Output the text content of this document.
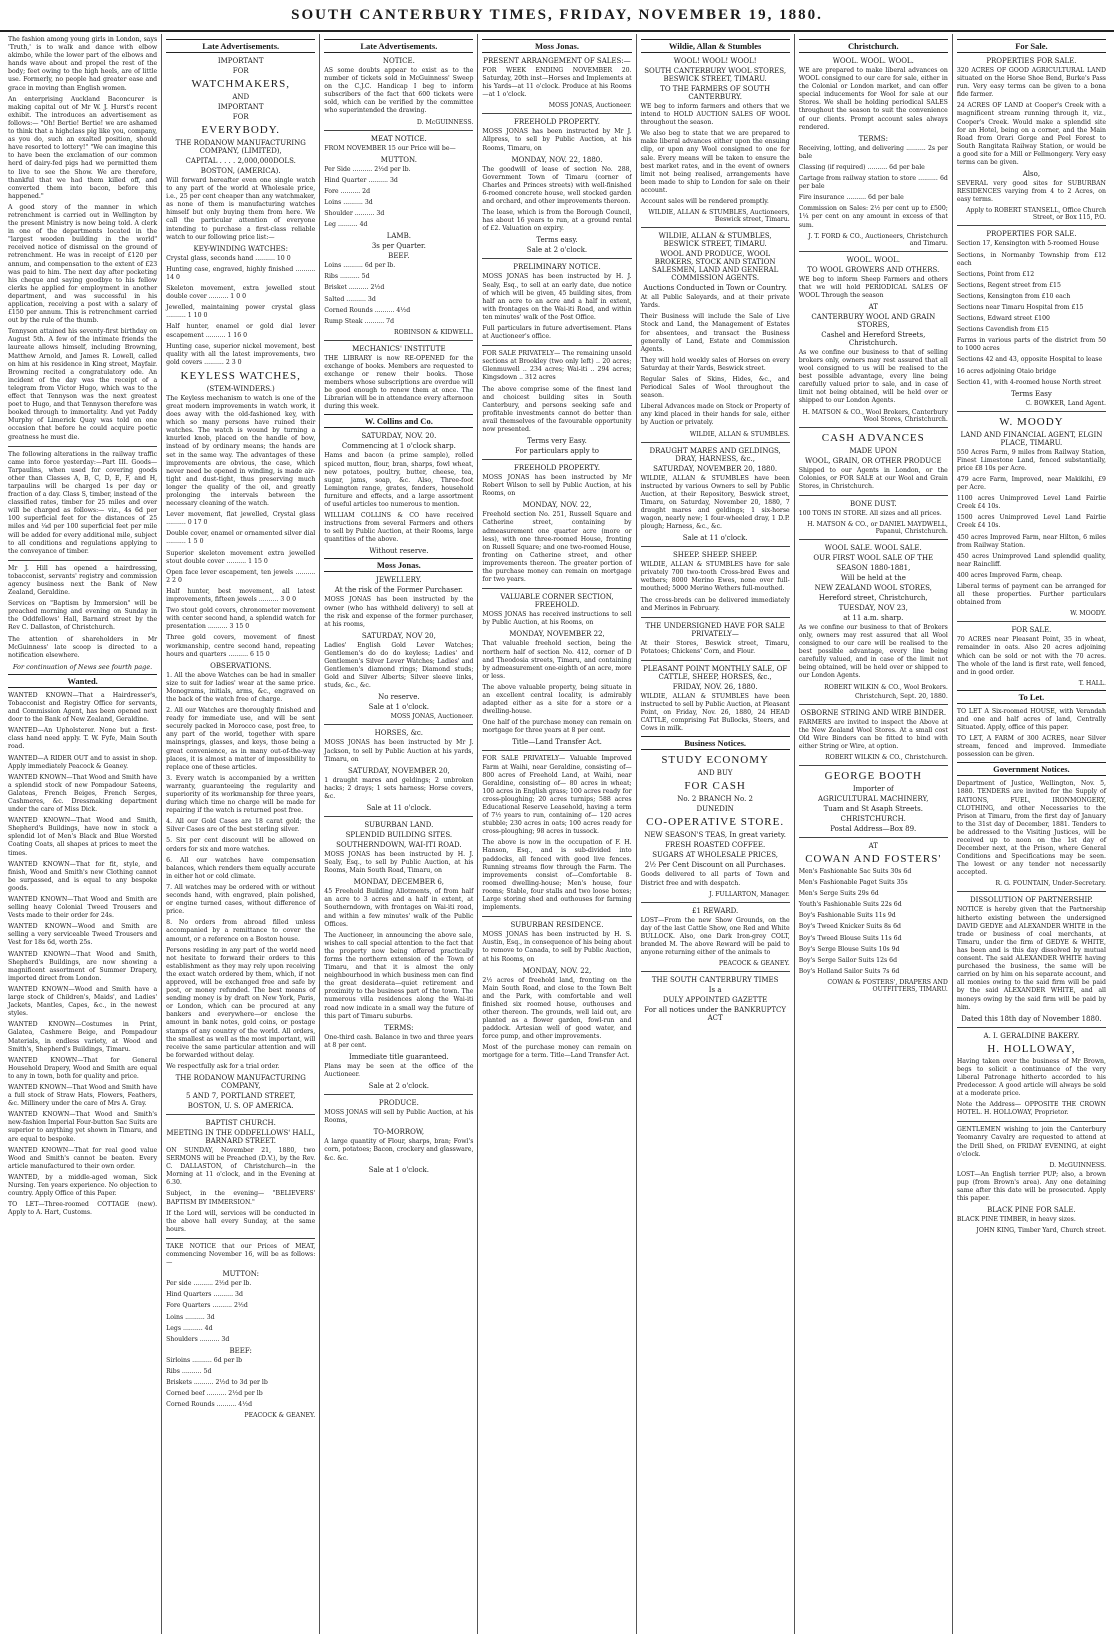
SOUTH CANTERBURY TIMES, FRIDAY, NOVEMBER 19, 1880.

The fashion among young girls in London, says 'Truth,' is to walk and dance with elbow akimbo, while the lower part of the elbows and hands wave about and propel the rest of the body; feet owing to the high heels, are of little use. Formerly, no people had greater ease and grace in moving than English women.

An enterprising Auckland Baconcurer is making capital out of Mr W. J. Hurst's recent exhibit. The introduces an advertisement as follows:— "Oh! Bertie! Bertie! we are ashamed to think that a highclass pig like you, company, as you do, such an exalted position, should have resorted to lottery!" "We can imagine this to have been the exclamation of our common herd of dairy-fed pigs had we permitted them to live to see the Show. We are therefore, thankful that we had them killed off, and converted them into bacon, before this happened."

A good story of the manner in which retrenchment is carried out in Wellington by the present Ministry is now being told. A clerk in one of the departments located in the "largest wooden building in the world" received notice of dismissal on the ground of retrenchment. He was in receipt of £120 per annum, and compensation to the extent of £23 was paid to him. The next day after pocketing his cheque and saying goodbye to his fellow clerks he applied for employment in another department, and was successful in his application, receiving a post with a salary of £150 per annum. This is retrenchment carried out by the rule of the thumb.

Tennyson attained his seventy-first birthday on August 5th. A few of the intimate friends the laureate allows himself, including Browning, Matthew Arnold, and James R. Lowell, called on him at his residence in King street, Mayfair. Browning recited a congratulatory ode. An incident of the day was the receipt of a telegram from Victor Hugo, which was to the effect that Tennyson was the next greatest poet to Hugo, and that Tennyson therefore was booked through to immortality. And yet Paddy Murphy of Limerick Quay was told on one occasion that before he could acquire poetic greatness he must die.

The following alterations in the railway traffic came into force yesterday:—Part III. Goods—Tarpaulins, when used for covering goods other than Classes A, B, C, D, E, F, and H, tarpaulins will be charged 1s per day or fraction of a day. Class S, timber, instead of the classified rates, timber for 25 miles and over will be charged as follows:— viz., 4s 6d per 100 superficial feet for the distances of 25 miles and ¼d per 100 superficial feet per mile will be added for every additional mile, subject to all conditions and regulations applying to the conveyance of timber.

Mr J. Hill has opened a hairdressing, tobacconist, servants' registry and commission agency business next the Bank of New Zealand, Geraldine.

Services on "Baptism by Immersion" will be preached morning and evening on Sunday in the Oddfellows' Hall, Barnard street by the Rev C. Dallaston, of Christchurch.

The attention of shareholders in Mr McGuinness' late scoop is directed to a notification elsewhere.

For continuation of News see fourth page.

Wanted.

WANTED KNOWN—That a Hairdresser's, Tobacconist and Registry Office for servants, and Commission Agent, has been opened next door to the Bank of New Zealand, Geraldine.

WANTED—An Upholsterer. None but a first-class hand need apply. T. W. Fyfe, Main South road.

WANTED—A RIDER OUT and to assist in shop. Apply immediately Peacock & Geaney.

WANTED KNOWN—That Wood and Smith have a splendid stock of new Pompadour Sateens, Galateas, French Beiges, French Serges, Cashmeres, &c. Dressmaking department under the care of Miss Dick.

WANTED KNOWN—That Wood and Smith, Shepherd's Buildings, have now in stock a splendid lot of Men's Black and Blue Worsted Coating Coats, all shapes at prices to meet the times.

WANTED KNOWN—That for fit, style, and finish, Wood and Smith's new Clothing cannot be surpassed, and is equal to any bespoke goods.

WANTED KNOWN—That Wood and Smith are selling heavy Colonial Tweed Trousers and Vests made to their order for 24s.

WANTED KNOWN—Wood and Smith are selling a very serviceable Tweed Trousers and Vest for 18s 6d, worth 25s.

WANTED KNOWN—That Wood and Smith, Shepherd's Buildings, are now showing a magnificent assortment of Summer Drapery, imported direct from London.

WANTED KNOWN—Wood and Smith have a large stock of Children's, Maids', and Ladies' Jackets, Mantles, Capes, &c., in the newest styles.

WANTED KNOWN—Costumes in Print, Galatea, Cashmere Beige, and Pompadour Materials, in endless variety, at Wood and Smith's, Shepherd's Buildings, Timaru.

WANTED KNOWN—That for General Household Drapery, Wood and Smith are equal to any in town, both for quality and price.

WANTED KNOWN—That Wood and Smith have a full stock of Straw Hats, Flowers, Feathers, &c. Millinery under the care of Mrs A. Gray.

WANTED KNOWN—That Wood and Smith's new-fashion Imperial Four-button Sac Suits are superior to anything yet shown in Timaru, and are equal to bespoke.

WANTED KNOWN—That for real good value Wood and Smith's cannot be beaten. Every article manufactured to their own order.

WANTED, by a middle-aged woman, Sick Nursing. Ten years experience. No objection to country. Apply Office of this Paper.

TO LET—Three-roomed COTTAGE (new). Apply to A. Hart, Customs.

Late Advertisements.
IMPORTANT
FOR
WATCHMAKERS,
AND
IMPORTANT
FOR
EVERYBODY.
THE RODANOW MANUFACTURING COMPANY, (LIMITED),
CAPITAL . . . . 2,000,000DOLS.
BOSTON, (AMERICA).

Will forward hereafter even one single watch to any part of the world at Wholesale price, i.e., 25 per cent cheaper than any watchmaker, as none of them is manufacturing watches himself but only buying them from here. We call the particular attention of everyone intending to purchase a first-class reliable watch to our following price list:—

KEY-WINDING WATCHES:

Crystal glass, seconds hand .......... 10 0

Hunting case, engraved, highly finished .......... 14 0

Skeleton movement, extra jewelled stout double cover .......... 1 0 0

Jewelled, maintaining power crystal glass .......... 1 10 0

Half hunter, enamel or gold dial lever escapement .......... 1 16 0

Hunting case, superior nickel movement, best quality with all the latest improvements, two gold covers .......... 2 3 0

KEYLESS WATCHES,
(STEM-WINDERS.)

The Keyless mechanism to watch is one of the great modern improvements in watch work, it does away with the old-fashioned key, with which so many persons have ruined their watches. The watch is wound by turning a knurled knob, placed on the handle of bow, instead of by ordinary means; the hands are set in the same way. The advantages of these improvements are obvious, the case, which never need be opened in winding, is made air-tight and dust-tight, thus preserving much longer the quality of the oil, and greatly prolonging the intervals between the necessary cleaning of the watch.

Lever movement, flat jewelled, Crystal glass .......... 0 17 0

Double cover, enamel or ornamented silver dial .......... 1 5 0

Superior skeleton movement extra jewelled stout double cover .......... 1 15 0

Open face lever escapement, ten jewels .......... 2 2 0

Half hunter, best movement, all latest improvements, fifteen jewels .......... 3 0 0

Two stout gold covers, chronometer movement with center second hand, a splendid watch for presentation .......... 3 15 0

Three gold covers, movement of finest workmanship, centre second hand, repeating hours and quarters .......... 6 15 0

OBSERVATIONS.

1. All the above Watches can be had in smaller size to suit for ladies' wear at the same price. Monograms, initials, arms, &c., engraved on the back of the watch free of charge.

2. All our Watches are thoroughly finished and ready for immediate use, and will be sent securely packed in Morocco case, post free, to any part of the world, together with spare mainsprings, glasses, and keys, those being a great convenience, as in many out-of-the-way places, it is almost a matter of impossibility to replace one of these articles.

3. Every watch is accompanied by a written warranty, guaranteeing the regularity and superiority of its workmanship for three years, during which time no charge will be made for repairing if the watch is returned post free.

4. All our Gold Cases are 18 carat gold; the Silver Cases are of the best sterling silver.

5. Six per cent discount will be allowed on orders for six and more watches.

6. All our watches have compensation balances, which renders them equally accurate in either hot or cold climate.

7. All watches may be ordered with or without seconds hand, with engraved, plain polished, or engine turned cases, without difference of price.

8. No orders from abroad filled unless accompanied by a remittance to cover the amount, or a reference on a Boston house.

Persons residing in any part of the world need not hesitate to forward their orders to this establishment as they may rely upon receiving the exact watch ordered by them, which, if not approved, will be exchanged free and safe by post, or money refunded. The best means of sending money is by draft on New York, Paris, or London, which can be procured at any bankers and everywhere—or enclose the amount in bank notes, gold coins, or postage stamps of any country of the world. All orders, the smallest as well as the most important, will receive the same particular attention and will be forwarded without delay.

We respectfully ask for a trial order.

THE RODANOW MANUFACTURING COMPANY,
5 AND 7, PORTLAND STREET,
BOSTON, U. S. OF AMERICA.
BAPTIST CHURCH.
MEETING IN THE ODDFELLOWS' HALL, BARNARD STREET.

ON SUNDAY, November 21, 1880, two SERMONS will be Preached (D.V.), by the Rev. C. DALLASTON, of Christchurch—in the Morning at 11 o'clock, and in the Evening at 6.30.

Subject, in the evening— "BELIEVERS' BAPTISM BY IMMERSION."

If the Lord will, services will be conducted in the above hall every Sunday, at the same hours.

TAKE NOTICE that our Prices of MEAT, commencing November 16, will be as follows:—

MUTTON:

Per side .......... 2½d per lb.

Hind Quarters .......... 3d

Fore Quarters .......... 2½d

Loins .......... 3d

Legs .......... 4d

Shoulders .......... 3d

BEEF:

Sirloins .......... 6d per lb

Ribs .......... 5d

Briskets .......... 2½d to 3d per lb

Corned beef .......... 2½d per lb

Corned Rounds .......... 4½d

PEACOCK & GEANEY.
Late Advertisements.
NOTICE.

AS some doubts appear to exist as to the number of tickets sold in McGuinness' Sweep on the C.J.C. Handicap I beg to inform subscribers of the fact that 600 tickets were sold, which can be verified by the committee who superintended the drawing.

D. McGUINNESS.
MEAT NOTICE.

FROM NOVEMBER 15 our Price will be—

MUTTON.

Per Side .......... 2½d per lb.

Hind Quarter .......... 3d

Fore .......... 2d

Loins .......... 3d

Shoulder .......... 3d

Leg .......... 4d

LAMB.
3s per Quarter.
BEEF.

Loins .......... 6d per lb.

Ribs .......... 5d

Brisket .......... 2½d

Salted .......... 3d

Corned Rounds .......... 4½d

Rump Steak .......... 7d

ROBINSON & KIDWELL.
MECHANICS' INSTITUTE

THE LIBRARY is now RE-OPENED for the exchange of books. Members are requested to exchange or renew their books. Those members whose subscriptions are overdue will be good enough to renew them at once. The Librarian will be in attendance every afternoon during this week.

W. Collins and Co.
SATURDAY, NOV. 20.
Commencing at 1 o'clock sharp.

Hams and bacon (a prime sample), rolled spiced mutton, flour, bran, sharps, fowl wheat, new potatoes, poultry, butter, cheese, tea, sugar, jams, soap, &c. Also, Three-foot Lemington range, grates, fenders, household furniture and effects, and a large assortment of useful articles too numerous to mention.

WILLIAM COLLINS & CO have received instructions from several Farmers and others to sell by Public Auction, at their Rooms, large quantities of the above.

Without reserve.
Moss Jonas.
JEWELLERY.
At the risk of the Former Purchaser.

MOSS JONAS has been instructed by the owner (who has withheld delivery) to sell at the risk and expense of the former purchaser, at his rooms,

SATURDAY, NOV 20,

Ladies' English Gold Lever Watches; Gentlemen's do do do keyless; Ladies' and Gentlemen's Silver Lever Watches; Ladies' and Gentlemen's diamond rings; Diamond studs; Gold and Silver Alberts; Silver sleeve links, studs, &c., &c.

No reserve.
Sale at 1 o'clock.
MOSS JONAS, Auctioneer.
HORSES, &c.

MOSS JONAS has been instructed by Mr J. Jackson, to sell by Public Auction at his yards, Timaru, on

SATURDAY, NOVEMBER 20,

1 draught mares and geldings; 2 unbroken hacks; 2 drays; 1 sets harness; Horse covers, &c.

Sale at 11 o'clock.
SUBURBAN LAND.
SPLENDID BUILDING SITES.
SOUTHERNDOWN, WAI-ITI ROAD.

MOSS JONAS has been instructed by H. J. Sealy, Esq., to sell by Public Auction, at his Rooms, Main South Road, Timaru, on

MONDAY, DECEMBER 6,

45 Freehold Building Allotments, of from half an acre to 3 acres and a half in extent, at Southerndown, with frontages on Wai-iti road, and within a few minutes' walk of the Public Offices.

The Auctioneer, in announcing the above sale, wishes to call special attention to the fact that the property now being offered practically forms the northern extension of the Town of Timaru, and that it is almost the only neighbourhood in which business men can find the great desiderata—quiet retirement and proximity to the business part of the town. The numerous villa residences along the Wai-iti road now indicate in a small way the future of this part of Timaru suburbs.

TERMS:

One-third cash. Balance in two and three years at 8 per cent.

Immediate title guaranteed.

Plans may be seen at the office of the Auctioneer.

Sale at 2 o'clock.
PRODUCE.

MOSS JONAS will sell by Public Auction, at his Rooms,

TO-MORROW,

A large quantity of Flour, sharps, bran; Fowl's corn, potatoes; Bacon, crockery and glassware, &c. &c.

Sale at 1 o'clock.
Moss Jonas.
PRESENT ARRANGEMENT OF SALES:—

FOR WEEK ENDING NOVEMBER 20. Saturday, 20th inst—Horses and Implements at his Yards—at 11 o'clock. Produce at his Rooms—at 1 o'clock.

MOSS JONAS, Auctioneer.
FREEHOLD PROPERTY.

MOSS JONAS has been instructed by Mr J. Allpress, to sell by Public Auction, at his Rooms, Timaru, on

MONDAY, NOV. 22, 1880.

The goodwill of lease of section No. 288, Government Town of Timaru (corner of Charles and Princes streets) with well-finished 6-roomed concrete house, well stocked garden and orchard, and other improvements thereon.

The lease, which is from the Borough Council, has about 16 years to run, at a ground rental of £2. Valuation on expiry.

Terms easy.
Sale at 2 o'clock.
PRELIMINARY NOTICE.

MOSS JONAS has been instructed by H. J. Sealy, Esq., to sell at an early date, due notice of which will be given, 45 building sites, from half an acre to an acre and a half in extent, with frontages on the Wai-iti Road, and within ten minutes' walk of the Post Office.

Full particulars in future advertisement. Plans at Auctioneer's office.

FOR SALE PRIVATELY— The remaining unsold sections at Brookley (two only left) .. 20 acres; Glenmuwell .. 234 acres; Wai-iti .. 294 acres; Kingsdown .. 312 acres

The above comprise some of the finest land and choicest building sites in South Canterbury, and persons seeking safe and profitable investments cannot do better than avail themselves of the favourable opportunity now presented.

Terms very Easy.
For particulars apply to
FREEHOLD PROPERTY.

MOSS JONAS has been instructed by Mr Robert Wilson to sell by Public Auction, at his Rooms, on

MONDAY, NOV. 22,

Freehold section No. 251, Russell Square and Catherine street, containing by admeasurement one quarter acre (more or less), with one three-roomed House, fronting on Russell Square; and one two-roomed House, fronting on Catherine street, and other improvements thereon. The greater portion of the purchase money can remain on mortgage for two years.

VALUABLE CORNER SECTION, FREEHOLD.

MOSS JONAS has received instructions to sell by Public Auction, at his Rooms, on

MONDAY, NOVEMBER 22,

That valuable freehold section, being the northern half of section No. 412, corner of D and Theodosia streets, Timaru, and containing by admeasurement one-eighth of an acre, more or less.

The above valuable property, being situate in an excellent central locality, is admirably adapted either as a site for a store or a dwelling-house.

One half of the purchase money can remain on mortgage for three years at 8 per cent.

Title—Land Transfer Act.

FOR SALE PRIVATELY— Valuable Improved Farm at Waihi, near Geraldine, consisting of— 800 acres of Freehold Land, at Waihi, near Geraldine, consisting of— 80 acres in wheat; 100 acres in English grass; 100 acres ready for cross-ploughing; 20 acres turnips; 588 acres Educational Reserve Leasehold, having a term of 7½ years to run, containing of— 120 acres stubble; 230 acres in oats; 100 acres ready for cross-ploughing; 98 acres in tussock.

The above is now in the occupation of F. H. Hanson, Esq., and is sub-divided into paddocks, all fenced with good live fences. Running streams flow through the Farm. The improvements consist of—Comfortable 8-roomed dwelling-house; Men's house, four rooms; Stable, four stalls and two loose boxes; Large storing shed and outhouses for farming implements.

SUBURBAN RESIDENCE.

MOSS JONAS has been instructed by H. S. Austin, Esq., in consequence of his being about to remove to Canada, to sell by Public Auction, at his Rooms, on

MONDAY, NOV. 22,

2½ acres of freehold land, fronting on the Main South Road, and close to the Town Belt and the Park, with comfortable and well finished six roomed house, outhouses and other thereon. The grounds, well laid out, are planted as a flower garden, fowl-run and paddock. Artesian well of good water, and force pump, and other improvements.

Most of the purchase money can remain on mortgage for a term. Title—Land Transfer Act.

Wildie, Allan & Stumbles
WOOL! WOOL! WOOL!
SOUTH CANTERBURY WOOL STORES, BESWICK STREET, TIMARU.
TO THE FARMERS OF SOUTH CANTERBURY.

WE beg to inform farmers and others that we intend to HOLD AUCTION SALES OF WOOL throughout the season.

We also beg to state that we are prepared to make liberal advances either upon the ensuing clip, or upon any Wool consigned to one for sale. Every means will be taken to ensure the best market rates, and in the event of owners limit not being realised, arrangements have been made to ship to London for sale on their account.

Account sales will be rendered promptly.

WILDIE, ALLAN & STUMBLES, Auctioneers, Beswick street, Timaru.
WILDIE, ALLAN & STUMBLES, BESWICK STREET, TIMARU.
WOOL AND PRODUCE, WOOL BROKERS, STOCK AND STATION SALESMEN, LAND AND GENERAL COMMISSION AGENTS.
Auctions Conducted in Town or Country.

At all Public Saleyards, and at their private Yards.

Their Business will include the Sale of Live Stock and Land, the Management of Estates for absentees, and transact the Business generally of Land, Estate and Commission Agents.

They will hold weekly sales of Horses on every Saturday at their Yards, Beswick street.

Regular Sales of Skins, Hides, &c., and Periodical Sales of Wool throughout the season.

Liberal Advances made on Stock or Property of any kind placed in their hands for sale, either by Auction or privately.

WILDIE, ALLAN & STUMBLES.
DRAUGHT MARES AND GELDINGS, DRAY, HARNESS, &c.,
SATURDAY, NOVEMBER 20, 1880.

WILDIE, ALLAN & STUMBLES have been instructed by various Owners to sell by Public Auction, at their Repository, Beswick street, Timaru, on Saturday, November 20, 1880, 7 draught mares and geldings; 1 six-horse wagon, nearly new; 1 four-wheeled dray, 1 D.P. plough; Harness, &c., &c.

Sale at 11 o'clock.
SHEEP. SHEEP. SHEEP.

WILDIE, ALLAN & STUMBLES have for sale privately 700 two-tooth Cross-bred Ewes and wethers; 8000 Merino Ewes, none over full-mouthed; 5000 Merino Wethers full-mouthed.

The cross-breds can be delivered immediately and Merinos in February.

THE UNDERSIGNED HAVE FOR SALE PRIVATELY—

At their Stores, Beswick street, Timaru, Potatoes; Chickens' Corn, and Flour.

PLEASANT POINT MONTHLY SALE, OF CATTLE, SHEEP, HORSES, &c.,
FRIDAY, NOV. 26, 1880.

WILDIE, ALLAN & STUMBLES have been instructed to sell by Public Auction, at Pleasant Point, on Friday, Nov. 26, 1880, 24 HEAD CATTLE, comprising Fat Bullocks, Steers, and Cows in milk.

Business Notices.
STUDY ECONOMY
AND BUY
FOR CASH
No. 2 BRANCH No. 2
DUNEDIN
CO-OPERATIVE STORE.
NEW SEASON'S TEAS, In great variety.
FRESH ROASTED COFFEE.
SUGARS AT WHOLESALE PRICES,
2½ Per Cent Discount on all Purchases.

Goods delivered to all parts of Town and District free and with despatch.

J. FULLARTON, Manager.
£1 REWARD.

LOST—From the new Show Grounds, on the day of the last Cattle Show, one Red and White BULLOCK. Also, one Dark Iron-grey COLT, branded M. The above Reward will be paid to anyone returning either of the animals to

PEACOCK & GEANEY.
THE SOUTH CANTERBURY TIMES
Is a
DULY APPOINTED GAZETTE
For all notices under the BANKRUPTCY ACT
Christchurch.
WOOL. WOOL. WOOL.

WE are prepared to make liberal advances on WOOL consigned to our care for sale, either in the Colonial or London market, and can offer special inducements for Wool for sale at our Stores. We shall be holding periodical SALES throughout the season to suit the convenience of our clients. Prompt account sales always rendered.

TERMS:

Receiving, lotting, and delivering .......... 2s per bale

Classing (if required) .......... 6d per bale

Cartage from railway station to store .......... 6d per bale

Fire insurance .......... 6d per bale

Commission on Sales: 2½ per cent up to £500; 1¼ per cent on any amount in excess of that sum.

J. T. FORD & CO., Auctioneers, Christchurch and Timaru.
WOOL. WOOL.
TO WOOL GROWERS AND OTHERS.

WE beg to inform Sheep Farmers and others that we will hold PERIODICAL SALES OF WOOL Through the season

AT
CANTERBURY WOOL AND GRAIN STORES,
Cashel and Hereford Streets, Christchurch.

As we confine our business to that of selling brokers only, owners may rest assured that all wool consigned to us will be realised to the best possible advantage, every line being carefully valued prior to sale, and in case of limit not being obtained, will be held over or shipped to our London Agents.

H. MATSON & CO., Wool Brokers, Canterbury Wool Stores, Christchurch.
CASH ADVANCES
MADE UPON
WOOL, GRAIN, OR OTHER PRODUCE

Shipped to our Agents in London, or the Colonies, or FOR SALE at our Wool and Grain Stores, in Christchurch.

BONE DUST.

100 TONS IN STORE. All sizes and all prices.

H. MATSON & CO., or DANIEL MAYDWELL, Papanui, Christchurch.
WOOL SALE. WOOL SALE.
OUR FIRST WOOL SALE OF THE
SEASON 1880-1881,
Will be held at the
NEW ZEALAND WOOL STORES,
Hereford street, Christchurch,
TUESDAY, NOV 23,
at 11 a.m. sharp.

As we confine our business to that of Brokers only, owners may rest assured that all Wool consigned to our care will be realised to the best possible advantage, every line being carefully valued, and in case of the limit not being obtained, will be held over or shipped to our London Agents.

ROBERT WILKIN & CO., Wool Brokers.
Christchurch, Sept. 20, 1880.
OSBORNE STRING AND WIRE BINDER.

FARMERS are invited to inspect the Above at the New Zealand Wool Stores. At a small cost Old Wire Binders can be fitted to bind with either String or Wire, at option.

ROBERT WILKIN & CO., Christchurch.
GEORGE BOOTH
Importer of
AGRICULTURAL MACHINERY,
Tuam and St Asaph Streets.
CHRISTCHURCH.
Postal Address—Box 89.
AT
COWAN AND FOSTERS'

Men's Fashionable Sac Suits 30s 6d

Men's Fashionable Paget Suits 35s

Men's Serge Suits 29s 6d

Youth's Fashionable Suits 22s 6d

Boy's Fashionable Suits 11s 9d

Boy's Tweed Knicker Suits 8s 6d

Boy's Tweed Blouse Suits 11s 6d

Boy's Serge Blouse Suits 10s 9d

Boy's Serge Sailor Suits 12s 6d

Boy's Holland Sailor Suits 7s 6d

COWAN & FOSTERS', DRAPERS AND OUTFITTERS, TIMARU.
For Sale.
PROPERTIES FOR SALE.

320 ACRES OF GOOD AGRICULTURAL LAND situated on the Horse Shoe Bend, Burke's Pass run. Very easy terms can be given to a bona fide farmer.

24 ACRES OF LAND at Cooper's Creek with a magnificent stream running through it, viz., Cooper's Creek. Would make a splendid site for an Hotel, being on a corner, and the Main Road from Orari Gorge and Peel Forest to South Rangitata Railway Station, or would be a good site for a Mill or Fellmongery. Very easy terms can be given.

Also,

SEVERAL very good sites for SUBURBAN RESIDENCES varying from 4 to 2 Acres, on easy terms.

Apply to ROBERT STANSELL, Office Church Street, or Box 115, P.O.
PROPERTIES FOR SALE.

Section 17, Kensington with 5-roomed House

Sections, in Normanby Township from £12 each

Sections, Point from £12

Sections, Regent street from £15

Sections, Kensington from £10 each

Sections near Timaru Hospital from £15

Sections, Edward street £100

Sections Cavendish from £15

Farms in various parts of the district from 50 to 1000 acres

Sections 42 and 43, opposite Hospital to lease

16 acres adjoining Otaio bridge

Section 41, with 4-roomed house North street

Terms Easy
C. BOWKER, Land Agent.
W. MOODY
LAND AND FINANCIAL AGENT, ELGIN PLACE, TIMARU.

550 Acres Farm, 9 miles from Railway Station, Finest Limestone Land, fenced substantially, price £8 10s per Acre.

479 acre Farm, Improved, near Makikihi, £9 per Acre.

1100 acres Unimproved Level Land Fairlie Creek £4 10s.

1500 acres Unimproved Level Land Fairlie Creek £4 10s.

450 acres Improved Farm, near Hilton, 6 miles from Railway Station.

450 acres Unimproved Land splendid quality, near Raincliff.

400 acres Improved Farm, cheap.

Liberal terms of payment can be arranged for all these properties. Further particulars obtained from

W. MOODY.
FOR SALE.

70 ACRES near Pleasant Point, 35 in wheat, remainder in oats. Also 20 acres adjoining which can be sold or not with the 70 acres. The whole of the land is first rate, well fenced, and in good order.

T. HALL.
To Let.

TO LET A Six-roomed HOUSE, with Verandah and one and half acres of land, Centrally Situated. Apply, office of this paper.

TO LET, A FARM of 300 ACRES, near Silver stream, fenced and improved. Immediate possession can be given.

Government Notices.

Department of Justice, Wellington, Nov. 5, 1880. TENDERS are invited for the Supply of RATIONS, FUEL, IRONMONGERY, CLOTHING, and other Necessaries to the Prison at Timaru, from the first day of January to the 31st day of December, 1881. Tenders to be addressed to the Visiting Justices, will be received up to noon on the 1st day of December next, at the Prison, where General Conditions and Specifications may be seen. The lowest or any tender not necessarily accepted.

R. G. FOUNTAIN, Under-Secretary.
DISSOLUTION OF PARTNERSHIP.

NOTICE is hereby given that the Partnership hitherto existing between the undersigned DAVID GEDYE and ALEXANDER WHITE in the trade or business of coal merchants, at Timaru, under the firm of GEDYE & WHITE, has been and is this day dissolved by mutual consent. The said ALEXANDER WHITE having purchased the business, the same will be carried on by him on his separate account, and all monies owing to the said firm will be paid by the said ALEXANDER WHITE, and all moneys owing by the said firm will be paid by him.

Dated this 18th day of November 1880.
A. I. GERALDINE BAKERY.
H. HOLLOWAY,

Having taken over the business of Mr Brown, begs to solicit a continuance of the very Liberal Patronage hitherto accorded to his Predecessor. A good article will always be sold at a moderate price.

Note the Address— OPPOSITE THE CROWN HOTEL. H. HOLLOWAY, Proprietor.

GENTLEMEN wishing to join the Canterbury Yeomanry Cavalry are requested to attend at the Drill Shed, on FRIDAY EVENING, at eight o'clock.

D. McGUINNESS.

LOST—An English terrier PUP; also, a brown pup (from Brown's area). Any one detaining same after this date will be prosecuted. Apply this paper.

BLACK PINE FOR SALE.

BLACK PINE TIMBER, in heavy sizes.

JOHN KING, Timber Yard, Church street.
